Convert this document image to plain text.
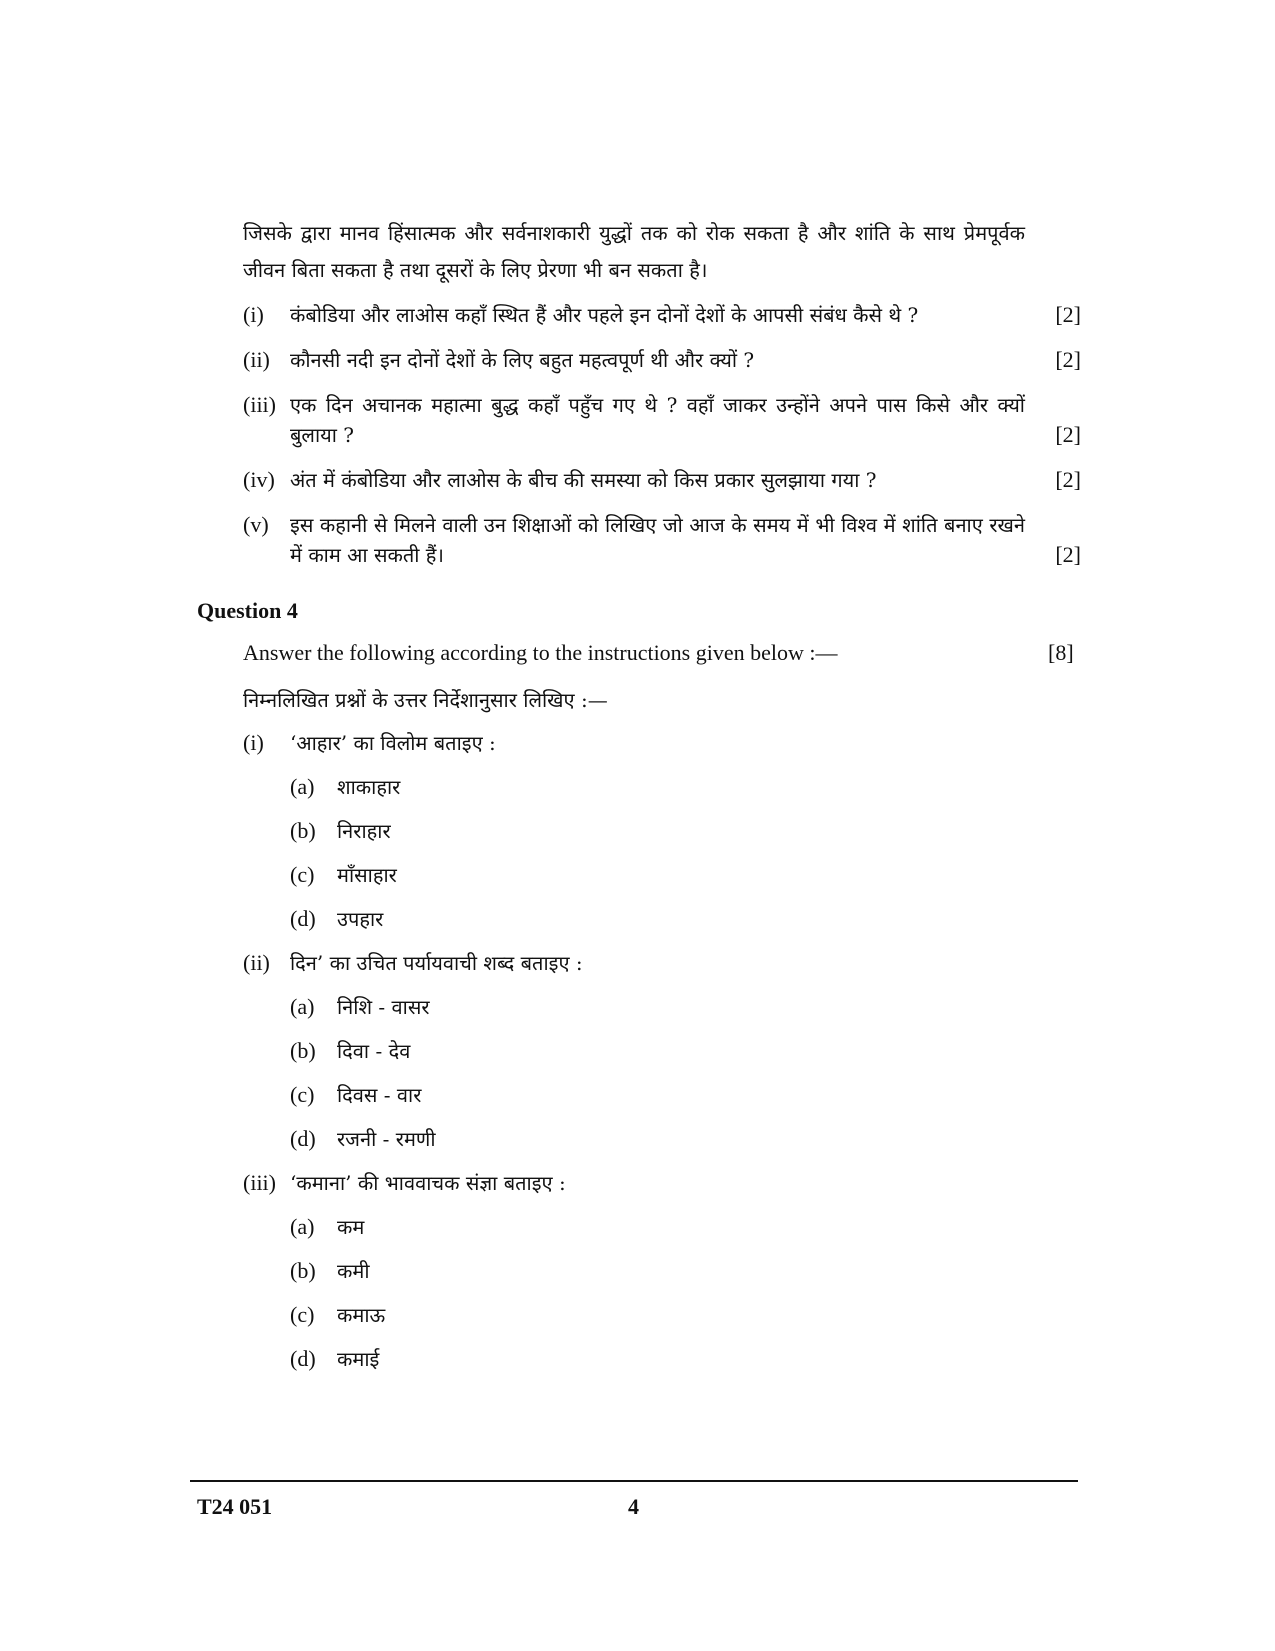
जिसके द्वारा मानव हिंसात्मक और सर्वनाशकारी युद्धों तक को रोक सकता है और शांति के साथ प्रेमपूर्वक जीवन बिता सकता है तथा दूसरों के लिए प्रेरणा भी बन सकता है।
(i) कंबोडिया और लाओस कहाँ स्थित हैं और पहले इन दोनों देशों के आपसी संबंध कैसे थे ?	[2]
(ii) कौनसी नदी इन दोनों देशों के लिए बहुत महत्वपूर्ण थी और क्यों ?	[2]
(iii) एक दिन अचानक महात्मा बुद्ध कहाँ पहुँच गए थे ? वहाँ जाकर उन्होंने अपने पास किसे और क्यों बुलाया ?	[2]
(iv) अंत में कंबोडिया और लाओस के बीच की समस्या को किस प्रकार सुलझाया गया ?	[2]
(v) इस कहानी से मिलने वाली उन शिक्षाओं को लिखिए जो आज के समय में भी विश्व में शांति बनाए रखने में काम आ सकती हैं।	[2]
Question 4
Answer the following according to the instructions given below :—	[8]
निम्नलिखित प्रश्नों के उत्तर निर्देशानुसार लिखिए :—
(i) ‘आहार’ का विलोम बताइए :
(a) शाकाहार
(b) निराहार
(c) माँसाहार
(d) उपहार
(ii) दिन’ का उचित पर्यायवाची शब्द बताइए :
(a) निशि - वासर
(b) दिवा - देव
(c) दिवस - वार
(d) रजनी - रमणी
(iii) ‘कमाना’ की भाववाचक संज्ञा बताइए :
(a) कम
(b) कमी
(c) कमाऊ
(d) कमाई
T24 051	4
